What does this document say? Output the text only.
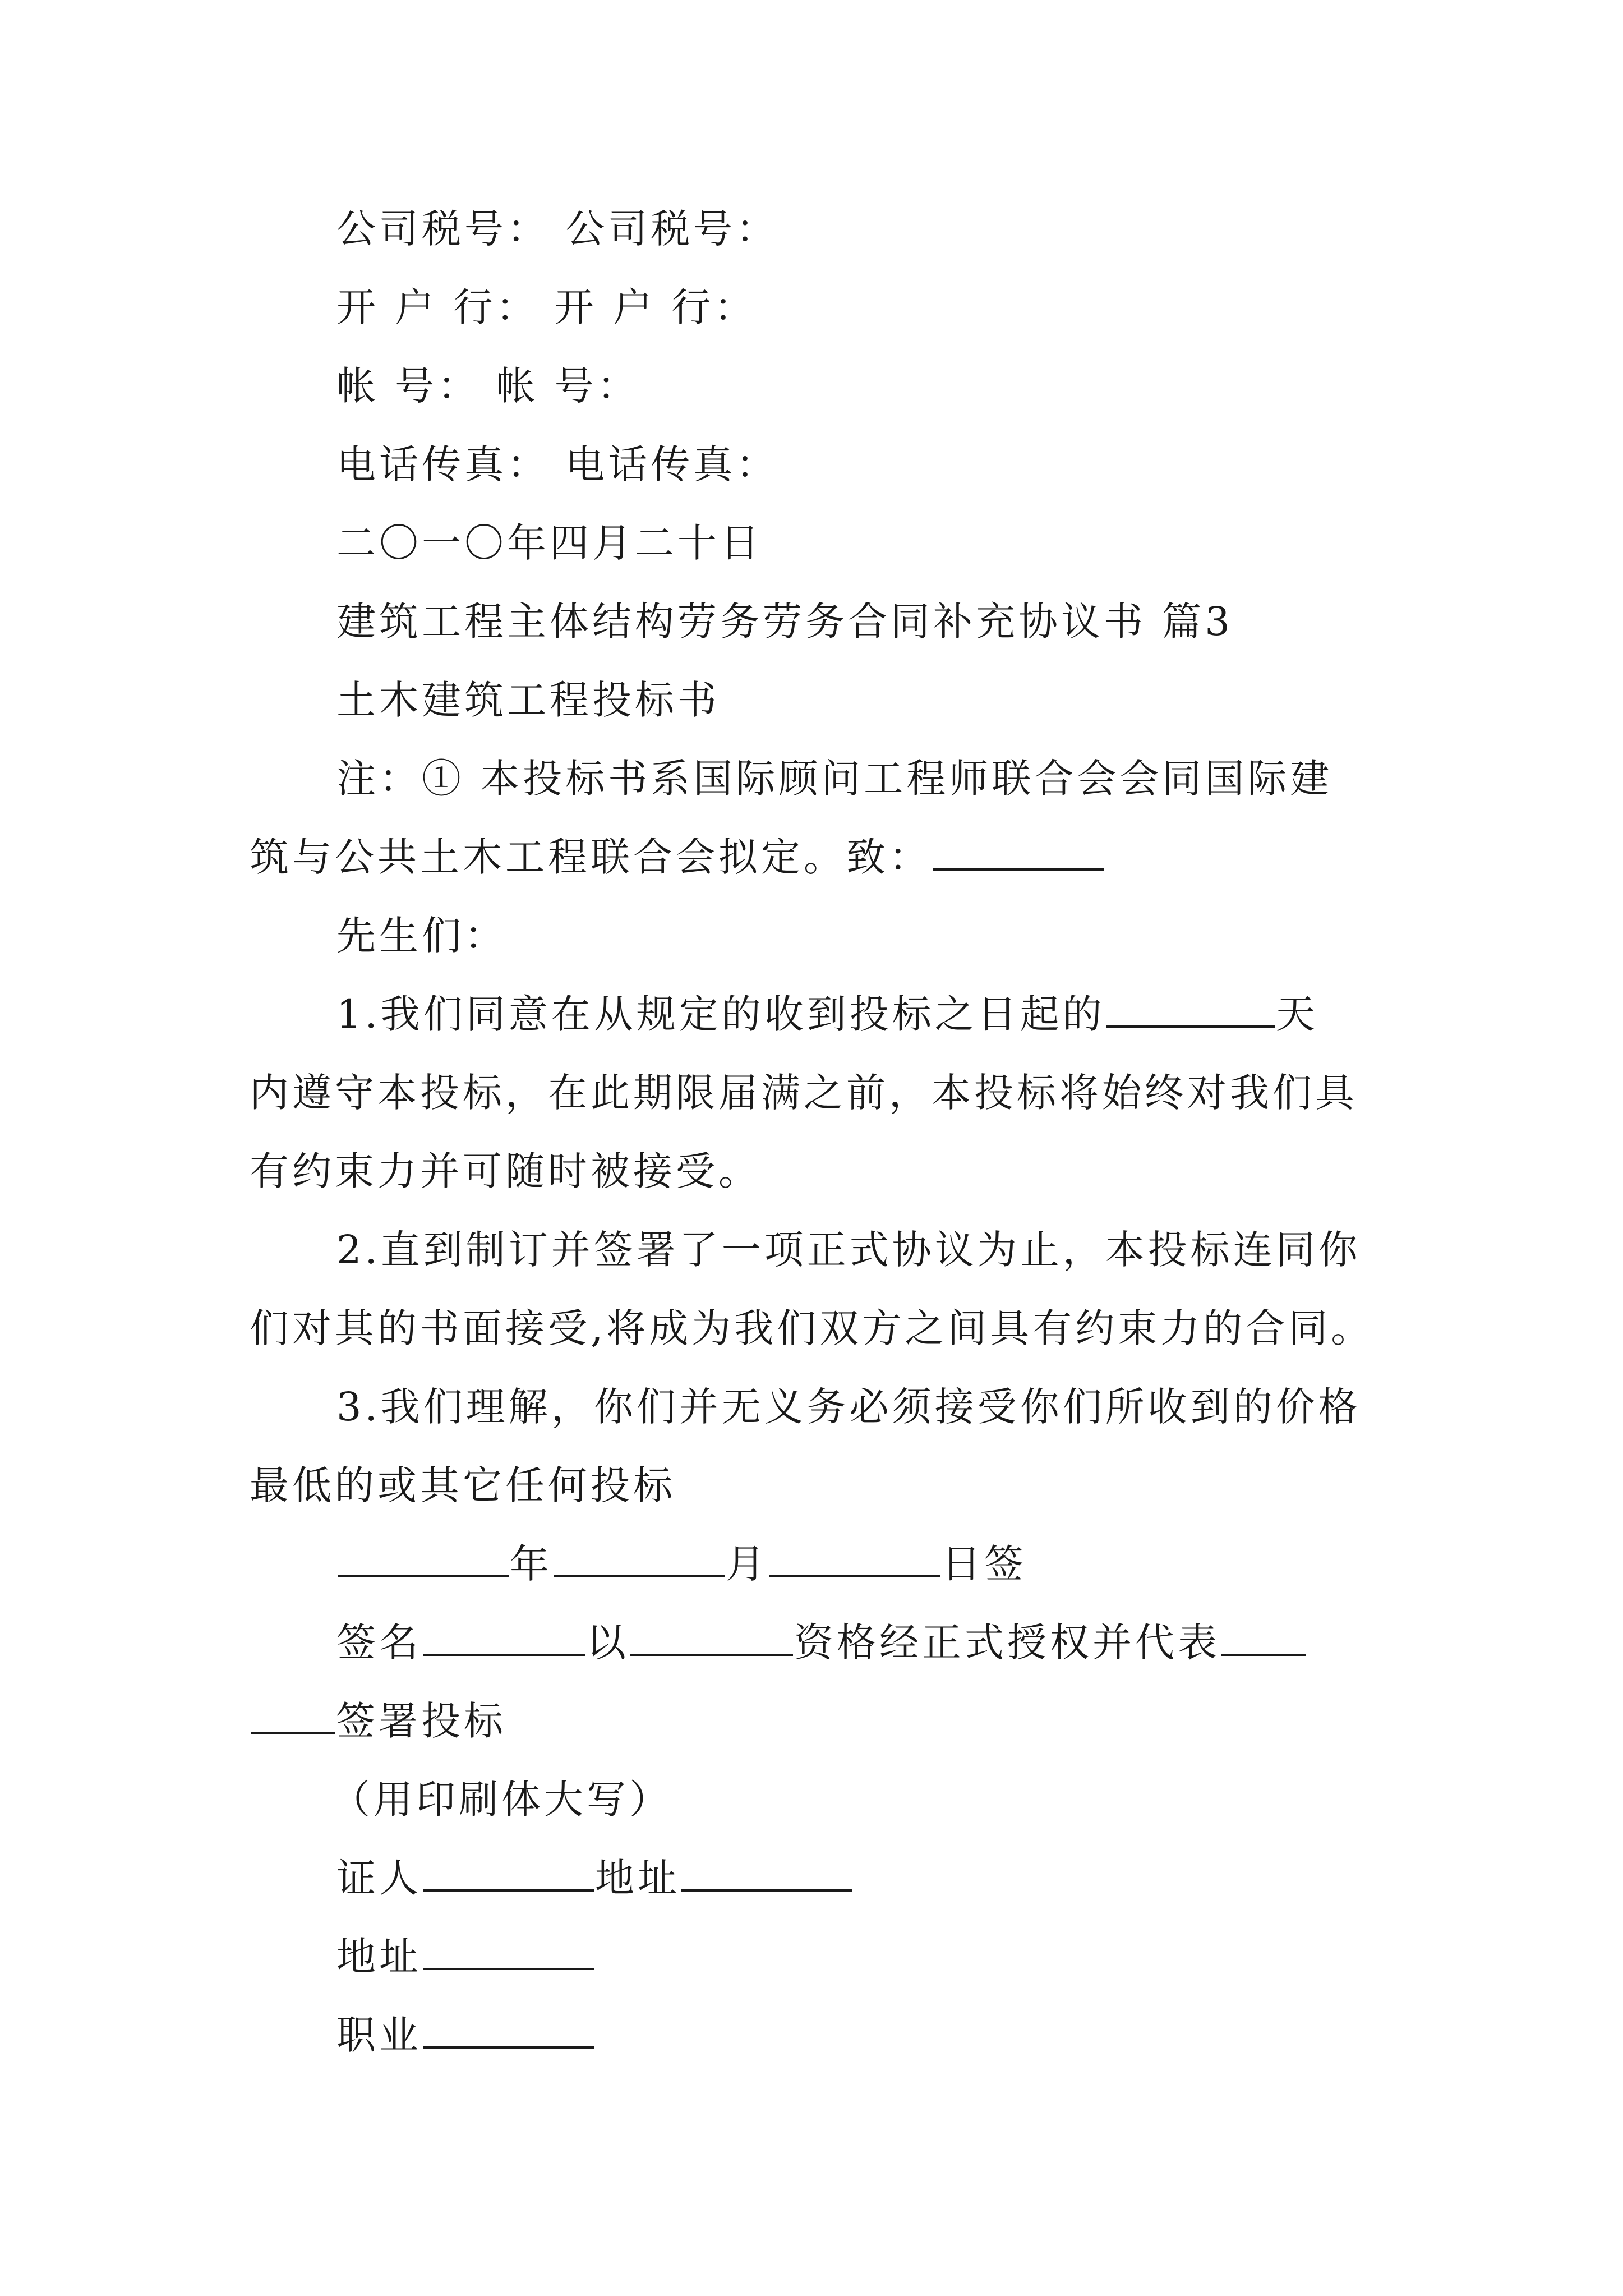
公司税号： 公司税号：
开 户 行： 开 户 行：
帐 号： 帐 号：
电话传真： 电话传真：
二〇一〇年四月二十日
建筑工程主体结构劳务劳务合同补充协议书 篇3
土木建筑工程投标书
注：① 本投标书系国际顾问工程师联合会会同国际建
筑与公共土木工程联合会拟定。致：
先生们：
1.我们同意在从规定的收到投标之日起的	天
内遵守本投标，在此期限届满之前，本投标将始终对我们具
有约束力并可随时被接受。
2.直到制订并签署了一项正式协议为止，本投标连同你
们对其的书面接受,将成为我们双方之间具有约束力的合同。
3.我们理解，你们并无义务必须接受你们所收到的价格
最低的或其它任何投标
年	月	日签
签名	以	资格经正式授权并代表
签署投标
（用印刷体大写）
证人	地址
地址
职业
